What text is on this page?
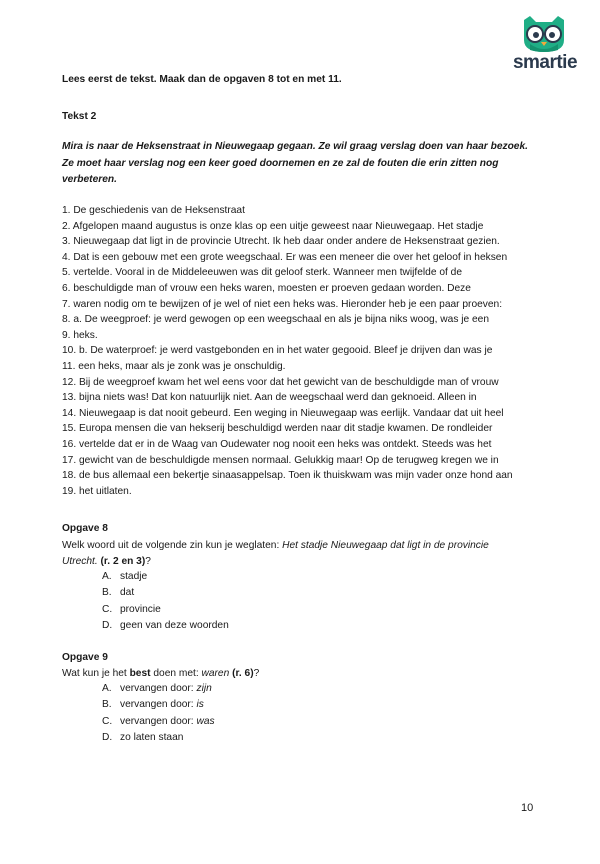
smartie
Lees eerst de tekst. Maak dan de opgaven 8 tot en met 11.
Tekst 2
Mira is naar de Heksenstraat in Nieuwegaap gegaan. Ze wil graag verslag doen van haar bezoek.
Ze moet haar verslag nog een keer goed doornemen en ze zal de fouten die erin zitten nog
verbeteren.
1. De geschiedenis van de Heksenstraat
2. Afgelopen maand augustus is onze klas op een uitje geweest naar Nieuwegaap. Het stadje
3. Nieuwegaap dat ligt in de provincie Utrecht. Ik heb daar onder andere de Heksenstraat gezien.
4. Dat is een gebouw met een grote weegschaal. Er was een meneer die over het geloof in heksen
5. vertelde. Vooral in de Middeleeuwen was dit geloof sterk. Wanneer men twijfelde of de
6. beschuldigde man of vrouw een heks waren, moesten er proeven gedaan worden. Deze
7. waren nodig om te bewijzen of je wel of niet een heks was. Hieronder heb je een paar proeven:
8. a. De weegproef: je werd gewogen op een weegschaal en als je bijna niks woog, was je een
9. heks.
10. b. De waterproef: je werd vastgebonden en in het water gegooid. Bleef je drijven dan was je
11. een heks, maar als je zonk was je onschuldig.
12. Bij de weegproef kwam het wel eens voor dat het gewicht van de beschuldigde man of vrouw
13. bijna niets was! Dat kon natuurlijk niet. Aan de weegschaal werd dan geknoeid. Alleen in
14. Nieuwegaap is dat nooit gebeurd. Een weging in Nieuwegaap was eerlijk. Vandaar dat uit heel
15. Europa mensen die van hekserij beschuldigd werden naar dit stadje kwamen. De rondleider
16. vertelde dat er in de Waag van Oudewater nog nooit een heks was ontdekt. Steeds was het
17. gewicht van de beschuldigde mensen normaal. Gelukkig maar! Op de terugweg kregen we in
18. de bus allemaal een bekertje sinaasappelsap. Toen ik thuiskwam was mijn vader onze hond aan
19. het uitlaten.
Opgave 8
Welk woord uit de volgende zin kun je weglaten: Het stadje Nieuwegaap dat ligt in de provincie
Utrecht. (r. 2 en 3)?
A. stadje
B. dat
C. provincie
D. geen van deze woorden
Opgave 9
Wat kun je het best doen met: waren (r. 6)?
A. vervangen door: zijn
B. vervangen door: is
C. vervangen door: was
D. zo laten staan
10
